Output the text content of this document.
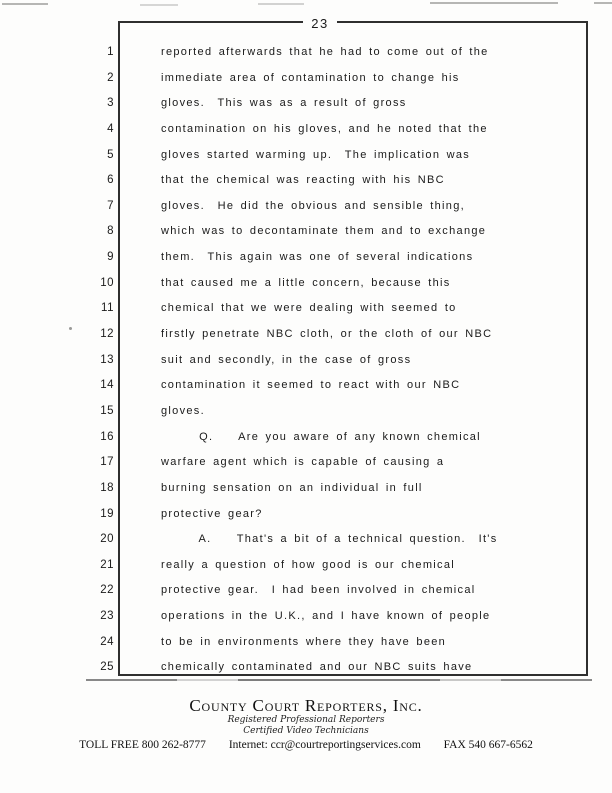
23
1	reported afterwards that he had to come out of the
2	immediate area of contamination to change his
3	gloves.  This was as a result of gross
4	contamination on his gloves, and he noted that the
5	gloves started warming up.  The implication was
6	that the chemical was reacting with his NBC
7	gloves.  He did the obvious and sensible thing,
8	which was to decontaminate them and to exchange
9	them.  This again was one of several indications
10	that caused me a little concern, because this
11	chemical that we were dealing with seemed to
12	firstly penetrate NBC cloth, or the cloth of our NBC
13	suit and secondly, in the case of gross
14	contamination it seemed to react with our NBC
15	gloves.
16	Q.    Are you aware of any known chemical
17	warfare agent which is capable of causing a
18	burning sensation on an individual in full
19	protective gear?
20	A.    That's a bit of a technical question.  It's
21	really a question of how good is our chemical
22	protective gear.  I had been involved in chemical
23	operations in the U.K., and I have known of people
24	to be in environments where they have been
25	chemically contaminated and our NBC suits have
County Court Reporters, Inc.
Registered Professional Reporters
Certified Video Technicians
TOLL FREE 800 262-8777 Internet: ccr@courtreportingservices.com FAX 540 667-6562
